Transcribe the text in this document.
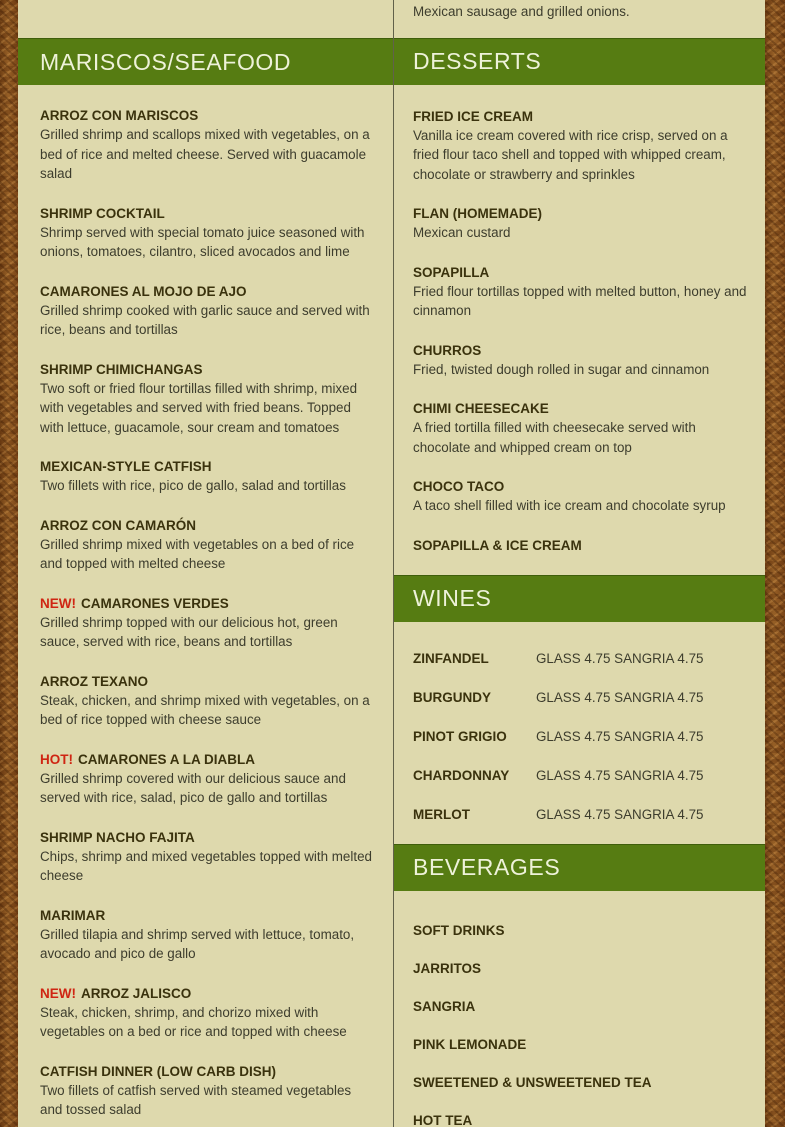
MARISCOS/SEAFOOD
ARROZ CON MARISCOS
Grilled shrimp and scallops mixed with vegetables, on a bed of rice and melted cheese. Served with guacamole salad
SHRIMP COCKTAIL
Shrimp served with special tomato juice seasoned with onions, tomatoes, cilantro, sliced avocados and lime
CAMARONES AL MOJO DE AJO
Grilled shrimp cooked with garlic sauce and served with rice, beans and tortillas
SHRIMP CHIMICHANGAS
Two soft or fried flour tortillas filled with shrimp, mixed with vegetables and served with fried beans. Topped with lettuce, guacamole, sour cream and tomatoes
MEXICAN-STYLE CATFISH
Two fillets with rice, pico de gallo, salad and tortillas
ARROZ CON CAMARÓN
Grilled shrimp mixed with vegetables on a bed of rice and topped with melted cheese
NEW! CAMARONES VERDES
Grilled shrimp topped with our delicious hot, green sauce, served with rice, beans and tortillas
ARROZ TEXANO
Steak, chicken, and shrimp mixed with vegetables, on a bed of rice topped with cheese sauce
HOT! CAMARONES A LA DIABLA
Grilled shrimp covered with our delicious sauce and served with rice, salad, pico de gallo and tortillas
SHRIMP NACHO FAJITA
Chips, shrimp and mixed vegetables topped with melted cheese
MARIMAR
Grilled tilapia and shrimp served with lettuce, tomato, avocado and pico de gallo
NEW! ARROZ JALISCO
Steak, chicken, shrimp, and chorizo mixed with vegetables on a bed or rice and topped with cheese
CATFISH DINNER (LOW CARB DISH)
Two fillets of catfish served with steamed vegetables and tossed salad
Mexican sausage and grilled onions.
DESSERTS
FRIED ICE CREAM
Vanilla ice cream covered with rice crisp, served on a fried flour taco shell and topped with whipped cream, chocolate or strawberry and sprinkles
FLAN (HOMEMADE)
Mexican custard
SOPAPILLA
Fried flour tortillas topped with melted button, honey and cinnamon
CHURROS
Fried, twisted dough rolled in sugar and cinnamon
CHIMI CHEESECAKE
A fried tortilla filled with cheesecake served with chocolate and whipped cream on top
CHOCO TACO
A taco shell filled with ice cream and chocolate syrup
SOPAPILLA & ICE CREAM
WINES
ZINFANDEL	GLASS 4.75 SANGRIA 4.75
BURGUNDY	GLASS 4.75 SANGRIA 4.75
PINOT GRIGIO	GLASS 4.75 SANGRIA 4.75
CHARDONNAY	GLASS 4.75 SANGRIA 4.75
MERLOT	GLASS 4.75 SANGRIA 4.75
BEVERAGES
SOFT DRINKS
JARRITOS
SANGRIA
PINK LEMONADE
SWEETENED & UNSWEETENED TEA
HOT TEA
